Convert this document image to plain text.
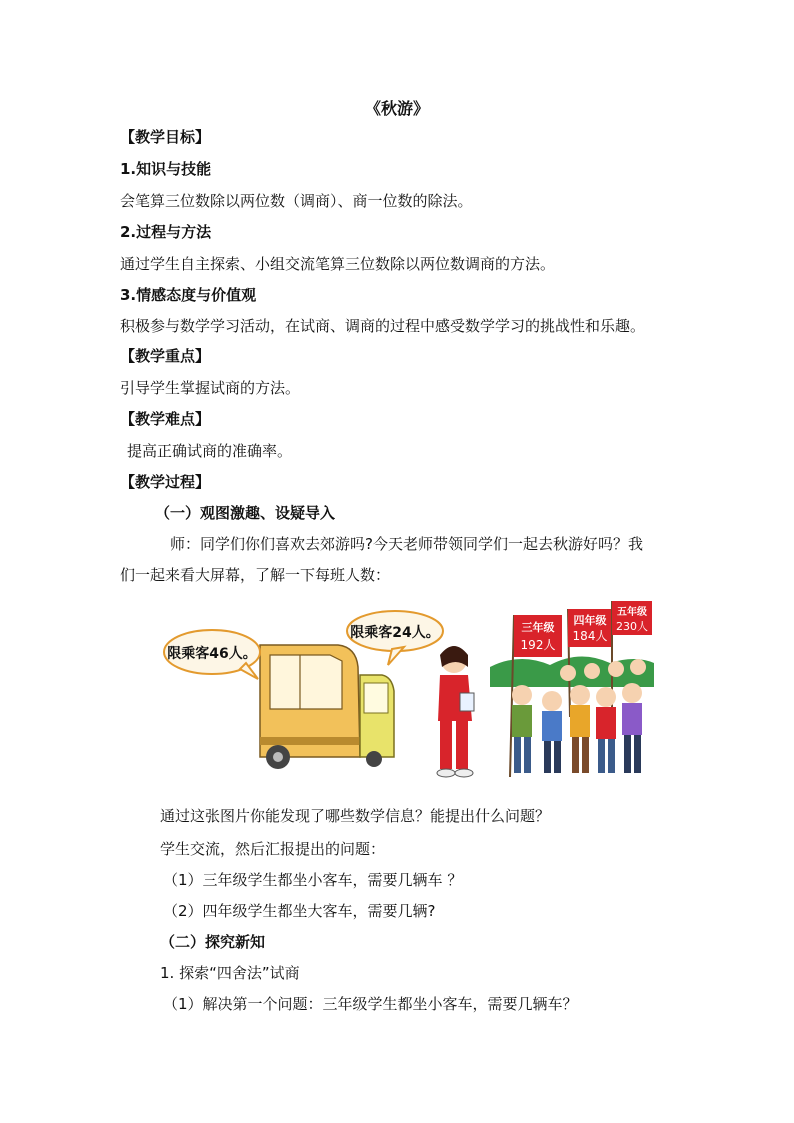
《秋游》
【教学目标】
1.知识与技能
会笔算三位数除以两位数（调商）、商一位数的除法。
2.过程与方法
通过学生自主探索、小组交流笔算三位数除以两位数调商的方法。
3.情感态度与价值观
积极参与数学学习活动，在试商、调商的过程中感受数学学习的挑战性和乐趣。
【教学重点】
引导学生掌握试商的方法。
【教学难点】
提高正确试商的准确率。
【教学过程】
（一）观图激趣、设疑导入
师：同学们你们喜欢去郊游吗?今天老师带领同学们一起去秋游好吗？我
们一起来看大屏幕，了解一下每班人数：
限乘客46人。
限乘客24人。	三年级
192人
四年级
184人
五年级
230人
通过这张图片你能发现了哪些数学信息？能提出什么问题？
学生交流，然后汇报提出的问题：
（1）三年级学生都坐小客车，需要几辆车 ？
（2）四年级学生都坐大客车，需要几辆?
（二）探究新知
1. 探索“四舍法”试商
（1）解决第一个问题：三年级学生都坐小客车，需要几辆车？
